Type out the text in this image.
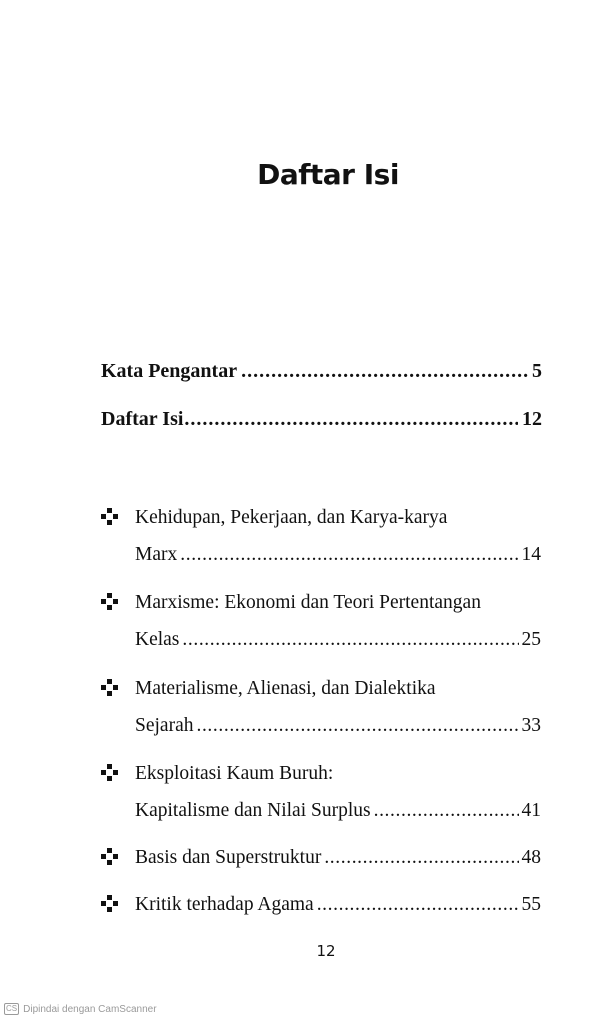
Daftar Isi
Kata Pengantar .....	5
Daftar Isi .....	12
Kehidupan, Pekerjaan, dan Karya-karya
Marx .....	14
Marxisme: Ekonomi dan Teori Pertentangan
Kelas .....	25
Materialisme, Alienasi, dan Dialektika
Sejarah .....	33
Eksploitasi Kaum Buruh:
Kapitalisme dan Nilai Surplus .....	41
Basis dan Superstruktur .....	48
Kritik terhadap Agama .....	55
12
CS Dipindai dengan CamScanner
